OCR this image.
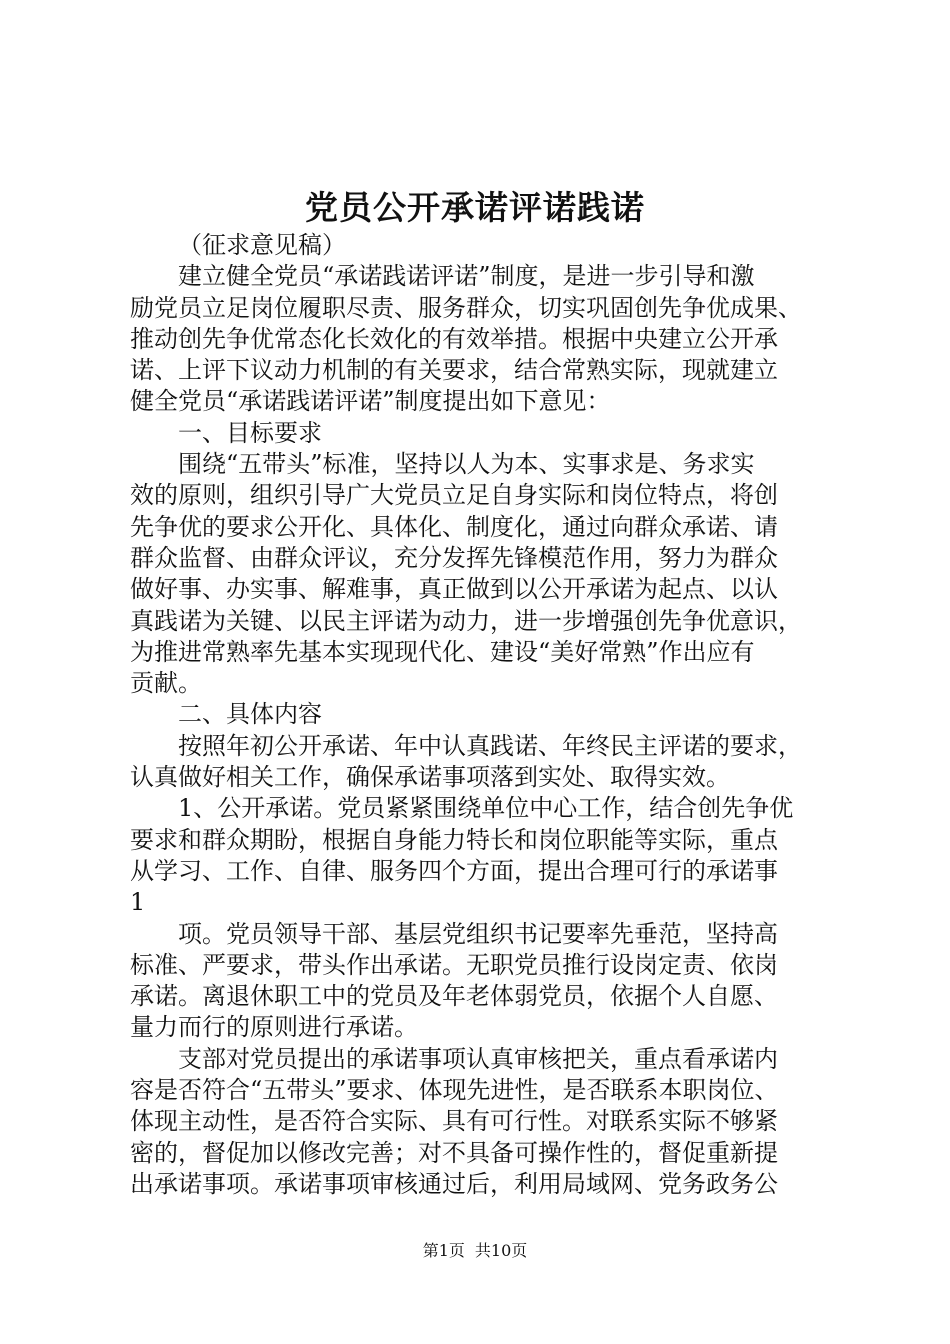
党员公开承诺评诺践诺
（征求意见稿）
建立健全党员“承诺践诺评诺”制度，是进一步引导和激
励党员立足岗位履职尽责、服务群众，切实巩固创先争优成果、
推动创先争优常态化长效化的有效举措。根据中央建立公开承
诺、上评下议动力机制的有关要求，结合常熟实际，现就建立
健全党员“承诺践诺评诺”制度提出如下意见：
一、目标要求
围绕“五带头”标准，坚持以人为本、实事求是、务求实
效的原则，组织引导广大党员立足自身实际和岗位特点，将创
先争优的要求公开化、具体化、制度化，通过向群众承诺、请
群众监督、由群众评议，充分发挥先锋模范作用，努力为群众
做好事、办实事、解难事，真正做到以公开承诺为起点、以认
真践诺为关键、以民主评诺为动力，进一步增强创先争优意识，
为推进常熟率先基本实现现代化、建设“美好常熟”作出应有
贡献。
二、具体内容
按照年初公开承诺、年中认真践诺、年终民主评诺的要求，
认真做好相关工作，确保承诺事项落到实处、取得实效。
1、公开承诺。党员紧紧围绕单位中心工作，结合创先争优
要求和群众期盼，根据自身能力特长和岗位职能等实际，重点
从学习、工作、自律、服务四个方面，提出合理可行的承诺事
1
项。党员领导干部、基层党组织书记要率先垂范，坚持高
标准、严要求，带头作出承诺。无职党员推行设岗定责、依岗
承诺。离退休职工中的党员及年老体弱党员，依据个人自愿、
量力而行的原则进行承诺。
支部对党员提出的承诺事项认真审核把关，重点看承诺内
容是否符合“五带头”要求、体现先进性，是否联系本职岗位、
体现主动性，是否符合实际、具有可行性。对联系实际不够紧
密的，督促加以修改完善；对不具备可操作性的，督促重新提
出承诺事项。承诺事项审核通过后，利用局域网、党务政务公
第1页 共10页
